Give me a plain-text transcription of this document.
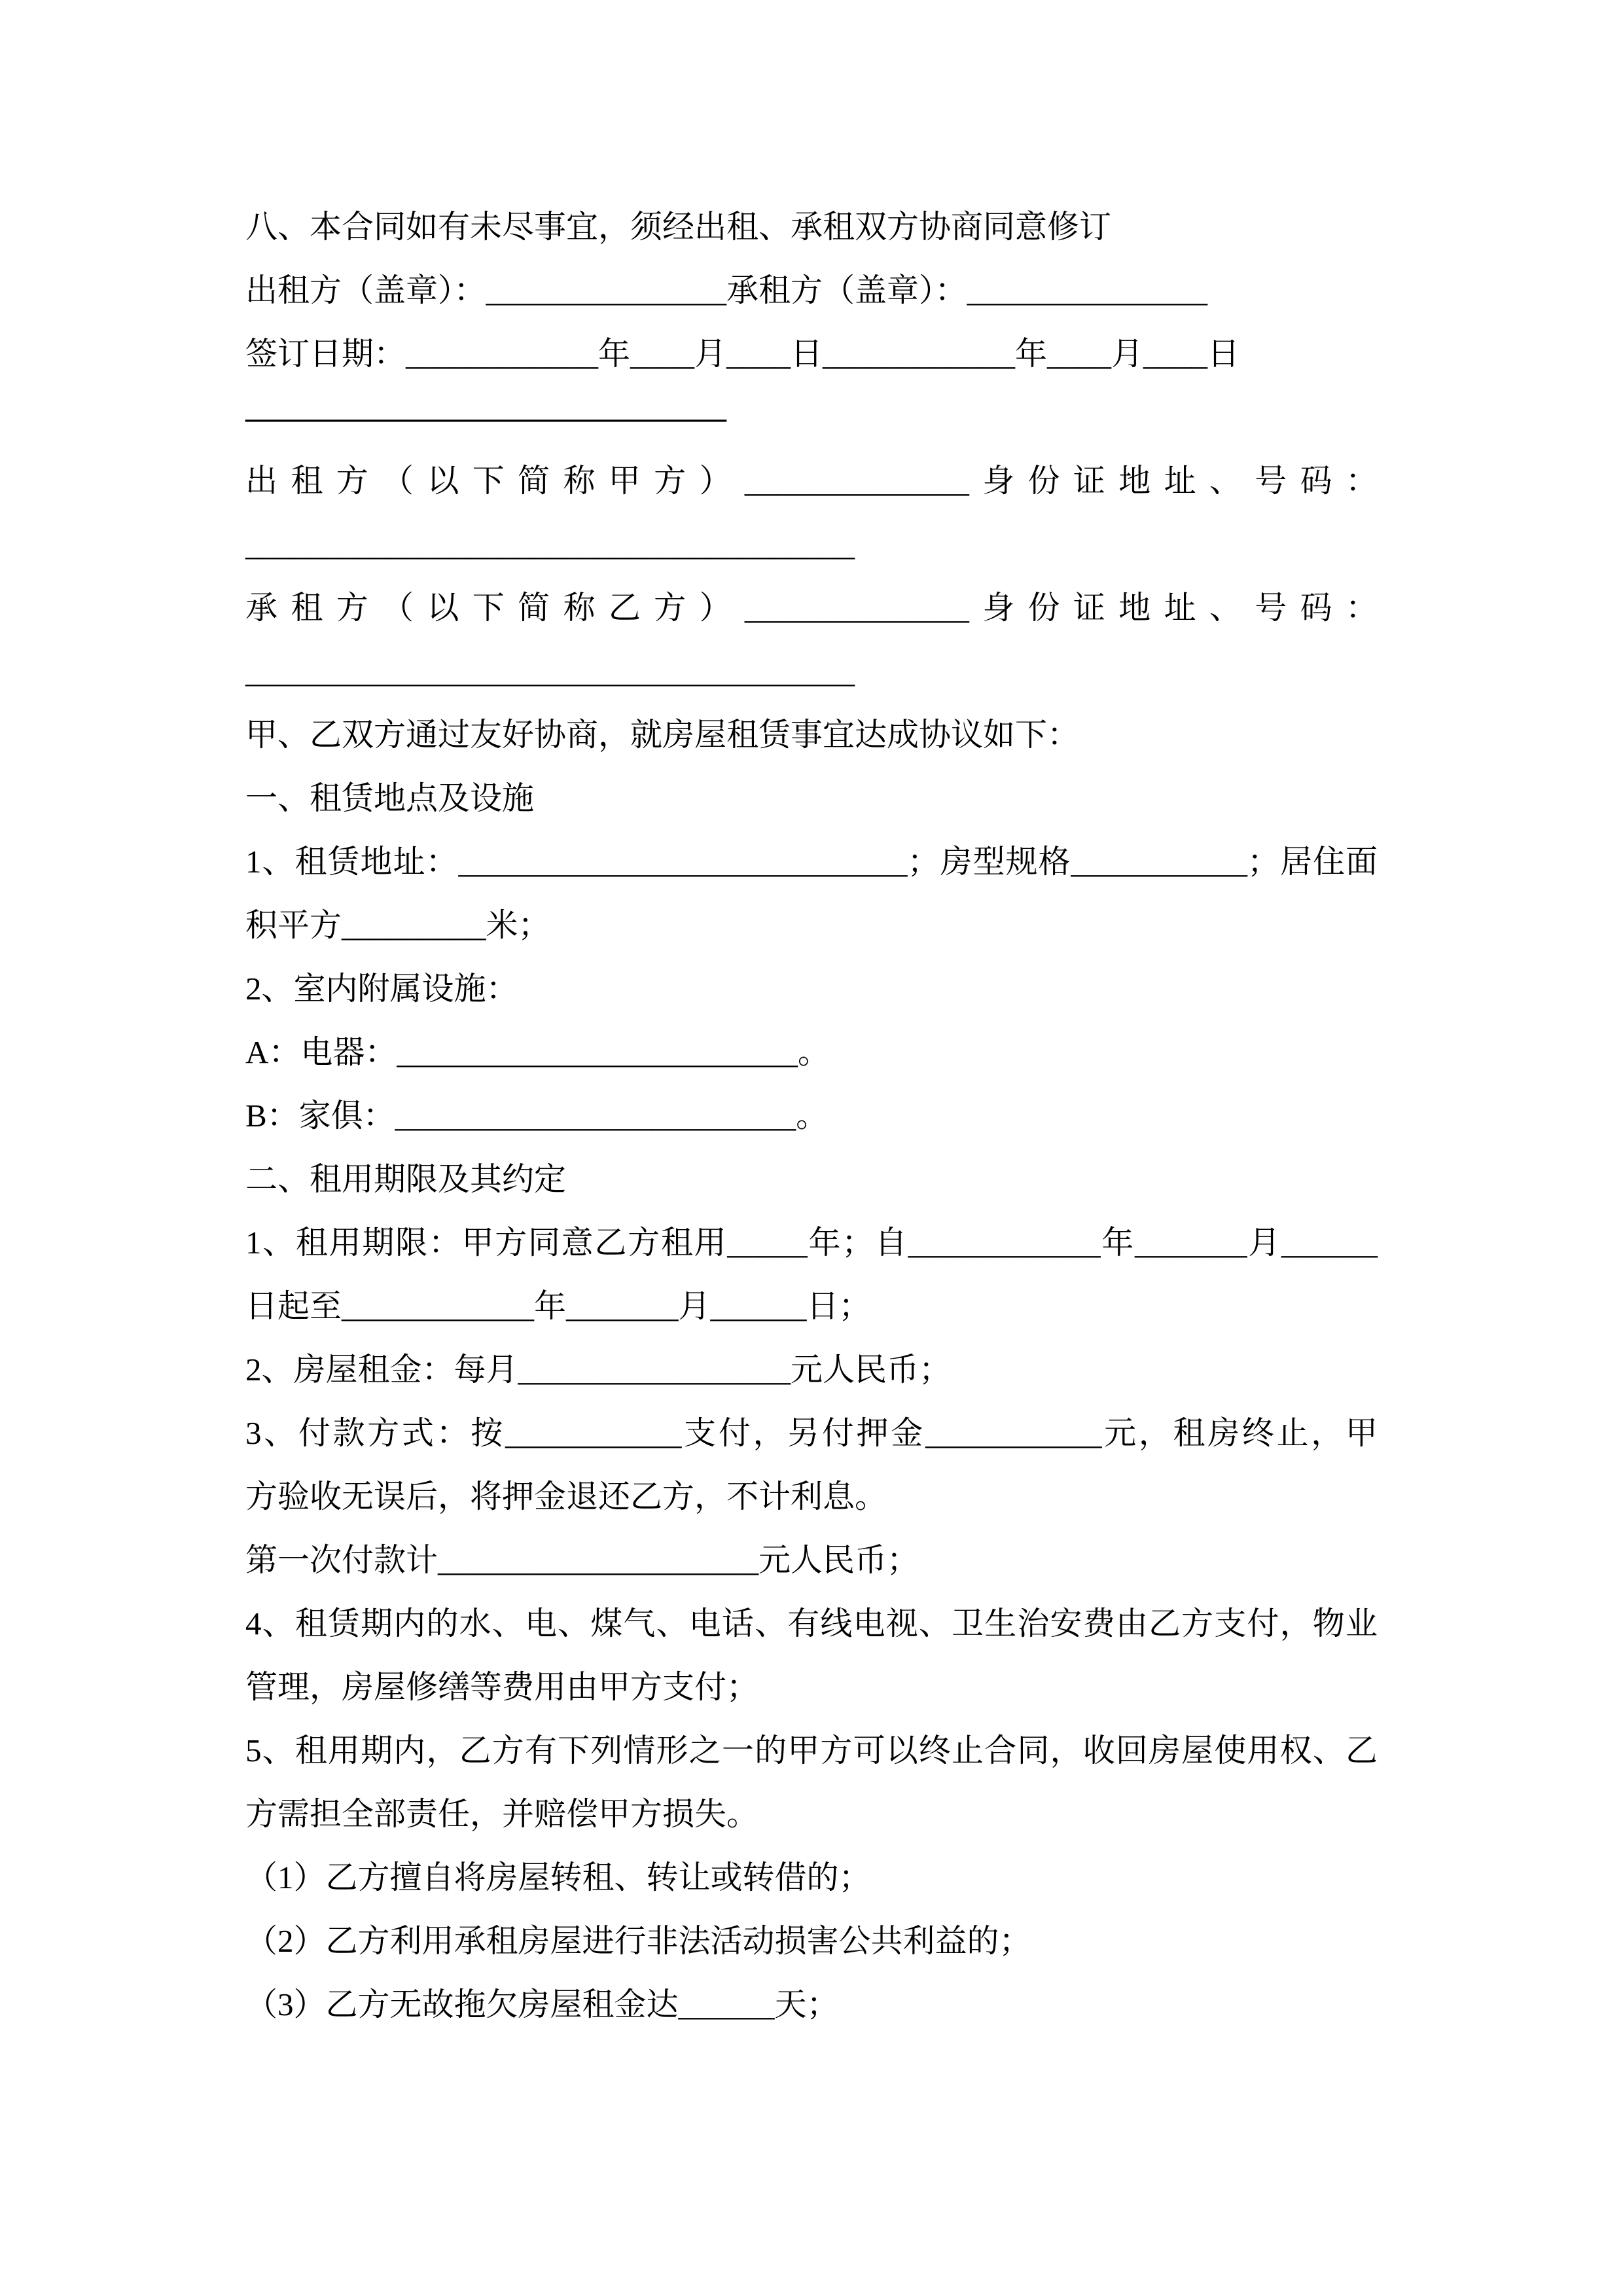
八、本合同如有未尽事宜，须经出租、承租双方协商同意修订
出租方（盖章）：_______________承租方（盖章）：_______________
签订日期：____________年____月____日____________年____月____日
———————————————
出租方（以下简称甲方）______________身份证地址、号码：
______________________________________
承租方（以下简称乙方）______________身份证地址、号码：
______________________________________
甲、乙双方通过友好协商，就房屋租赁事宜达成协议如下：
一、租赁地点及设施
1、租赁地址：____________________________；房型规格___________；居住面
积平方_________米；
2、室内附属设施：
A：电器：_________________________。
B：家俱：_________________________。
二、租用期限及其约定
1、租用期限：甲方同意乙方租用_____年；自____________年_______月______
日起至____________年_______月______日；
2、房屋租金：每月_________________元人民币；
3、付款方式：按___________支付，另付押金___________元，租房终止，甲
方验收无误后，将押金退还乙方，不计利息。
第一次付款计____________________元人民币；
4、租赁期内的水、电、煤气、电话、有线电视、卫生治安费由乙方支付，物业
管理，房屋修缮等费用由甲方支付；
5、租用期内，乙方有下列情形之一的甲方可以终止合同，收回房屋使用权、乙
方需担全部责任，并赔偿甲方损失。
（1）乙方擅自将房屋转租、转让或转借的；
（2）乙方利用承租房屋进行非法活动损害公共利益的；
（3）乙方无故拖欠房屋租金达______天；
